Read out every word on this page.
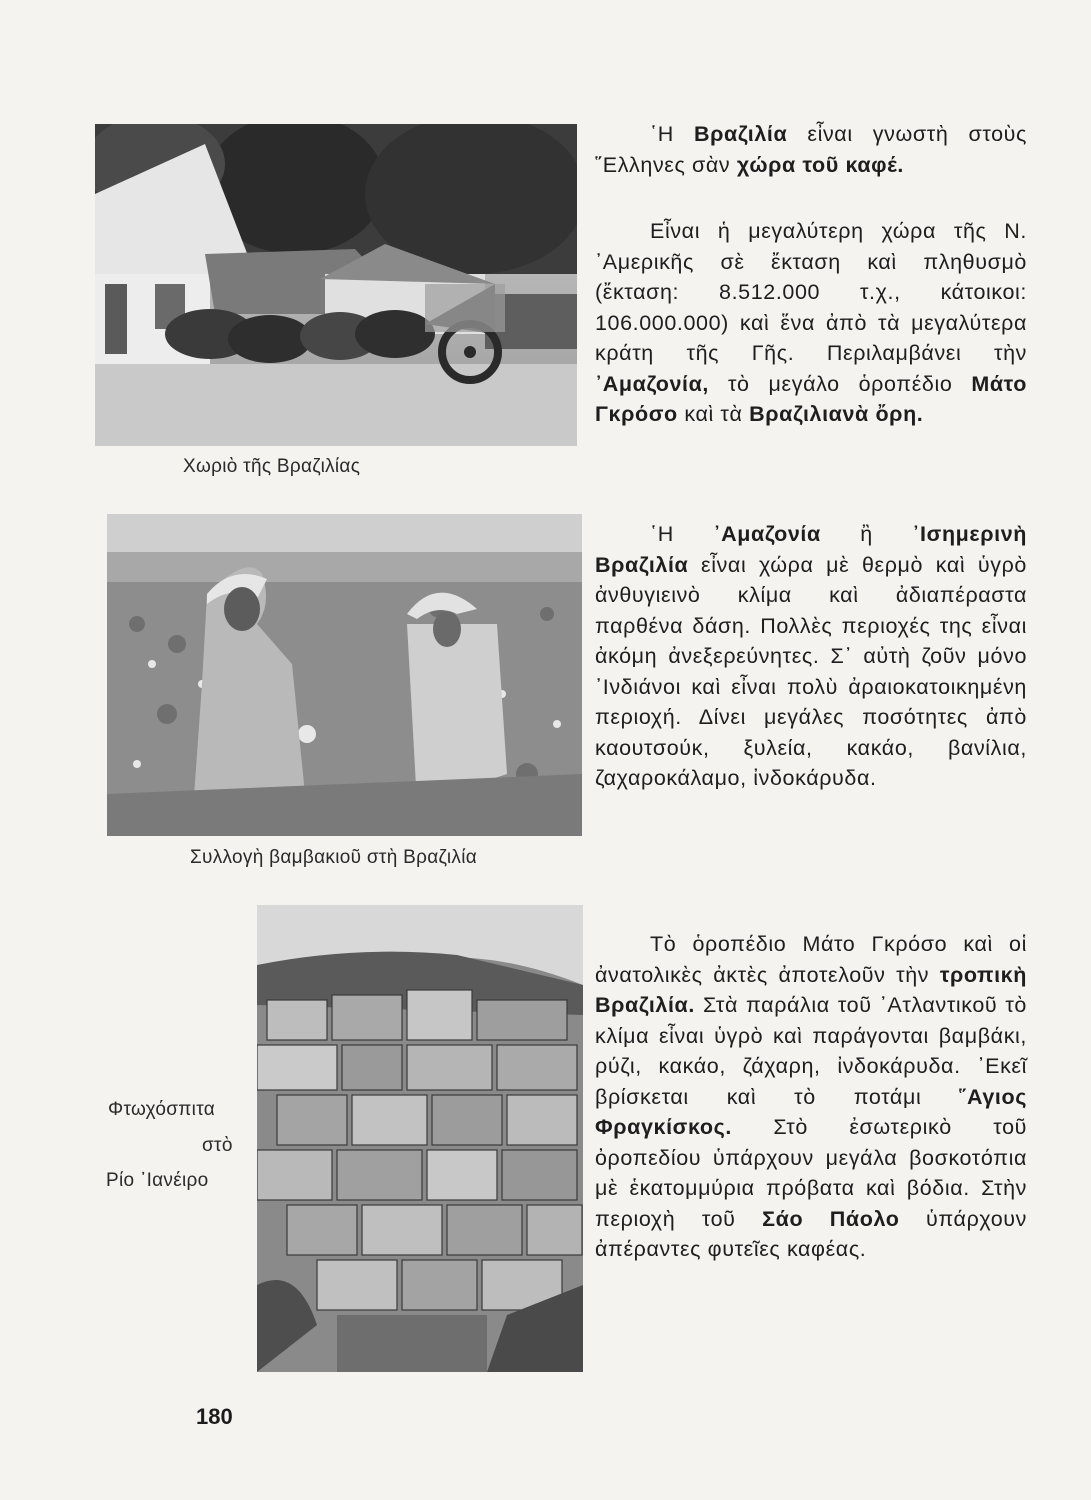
Χωριὸ τῆς Βραζιλίας
Συλλογὴ βαμβακιοῦ στὴ Βραζιλία
Φτωχόσπιτα
στὸ
Ρίο ᾽Ιανέιρο

῾Η Βραζιλία εἶναι γνωστὴ στοὺς ῞Ελληνες σὰν χώρα τοῦ καφέ.

Εἶναι ἡ μεγαλύτερη χώρα τῆς Ν. ᾽Αμερικῆς σὲ ἔκταση καὶ πληθυσμὸ (ἔκταση: 8.512.000 τ.χ., κάτοικοι: 106.000.000) καὶ ἕνα ἀπὸ τὰ μεγαλύτερα κράτη τῆς Γῆς. Περιλαμβάνει τὴν ᾽Αμαζονία, τὸ μεγάλο ὁροπέδιο Μάτο Γκρόσο καὶ τὰ Βραζιλιανὰ ὄρη.

῾Η ᾽Αμαζονία ἢ ᾽Ισημερινὴ Βραζιλία εἶναι χώρα μὲ θερμὸ καὶ ὑγρὸ ἀνθυγιεινὸ κλίμα καὶ ἀδιαπέραστα παρθένα δάση. Πολλὲς περιοχές της εἶναι ἀκόμη ἀνεξερεύνητες. Σ᾽ αὐτὴ ζοῦν μόνο ᾽Ινδιάνοι καὶ εἶναι πολὺ ἀραιοκατοικημένη περιοχή. Δίνει μεγάλες ποσότητες ἀπὸ καουτσούκ, ξυλεία, κακάο, βανίλια, ζαχαροκάλαμο, ἰνδοκάρυδα.

Τὸ ὁροπέδιο Μάτο Γκρόσο καὶ οἱ ἀνατολικὲς ἀκτὲς ἀποτελοῦν τὴν τροπικὴ Βραζιλία. Στὰ παράλια τοῦ ᾽Ατλαντικοῦ τὸ κλίμα εἶναι ὑγρὸ καὶ παράγονται βαμβάκι, ρύζι, κακάο, ζάχαρη, ἰνδοκάρυδα. ᾽Εκεῖ βρίσκεται καὶ τὸ ποτάμι ῞Αγιος Φραγκίσκος. Στὸ ἐσωτερικὸ τοῦ ὀροπεδίου ὑπάρχουν μεγάλα βοσκοτόπια μὲ ἑκατομμύρια πρόβατα καὶ βόδια. Στὴν περιοχὴ τοῦ Σάο Πάολο ὑπάρχουν ἀπέραντες φυτεῖες καφέας.

180
